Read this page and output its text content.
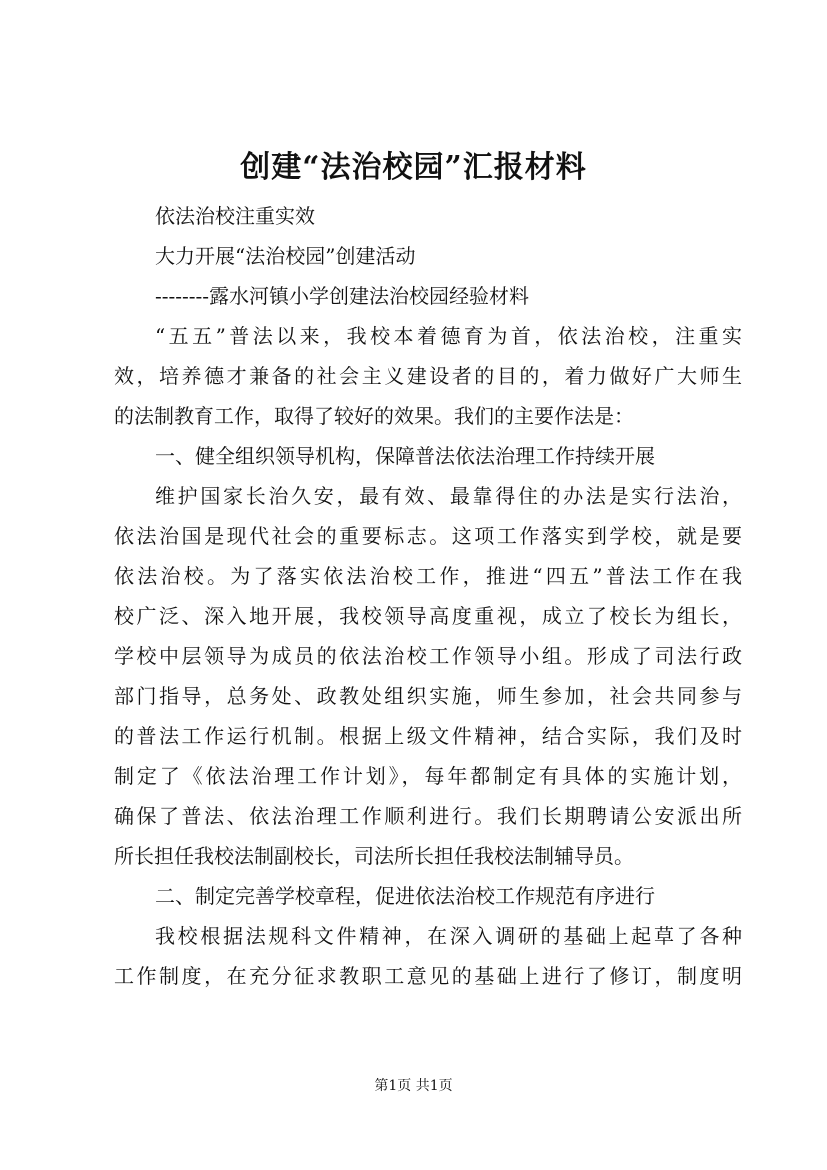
创建“法治校园”汇报材料
依法治校注重实效
大力开展“法治校园”创建活动
--------露水河镇小学创建法治校园经验材料
“五五”普法以来，我校本着德育为首，依法治校，注重实
效，培养德才兼备的社会主义建设者的目的，着力做好广大师生
的法制教育工作，取得了较好的效果。我们的主要作法是：
一、健全组织领导机构，保障普法依法治理工作持续开展
维护国家长治久安，最有效、最靠得住的办法是实行法治，
依法治国是现代社会的重要标志。这项工作落实到学校，就是要
依法治校。为了落实依法治校工作，推进“四五”普法工作在我
校广泛、深入地开展，我校领导高度重视，成立了校长为组长，
学校中层领导为成员的依法治校工作领导小组。形成了司法行政
部门指导，总务处、政教处组织实施，师生参加，社会共同参与
的普法工作运行机制。根据上级文件精神，结合实际，我们及时
制定了《依法治理工作计划》，每年都制定有具体的实施计划，
确保了普法、依法治理工作顺利进行。我们长期聘请公安派出所
所长担任我校法制副校长，司法所长担任我校法制辅导员。
二、制定完善学校章程，促进依法治校工作规范有序进行
我校根据法规科文件精神，在深入调研的基础上起草了各种
工作制度，在充分征求教职工意见的基础上进行了修订，制度明
第1页 共1页
